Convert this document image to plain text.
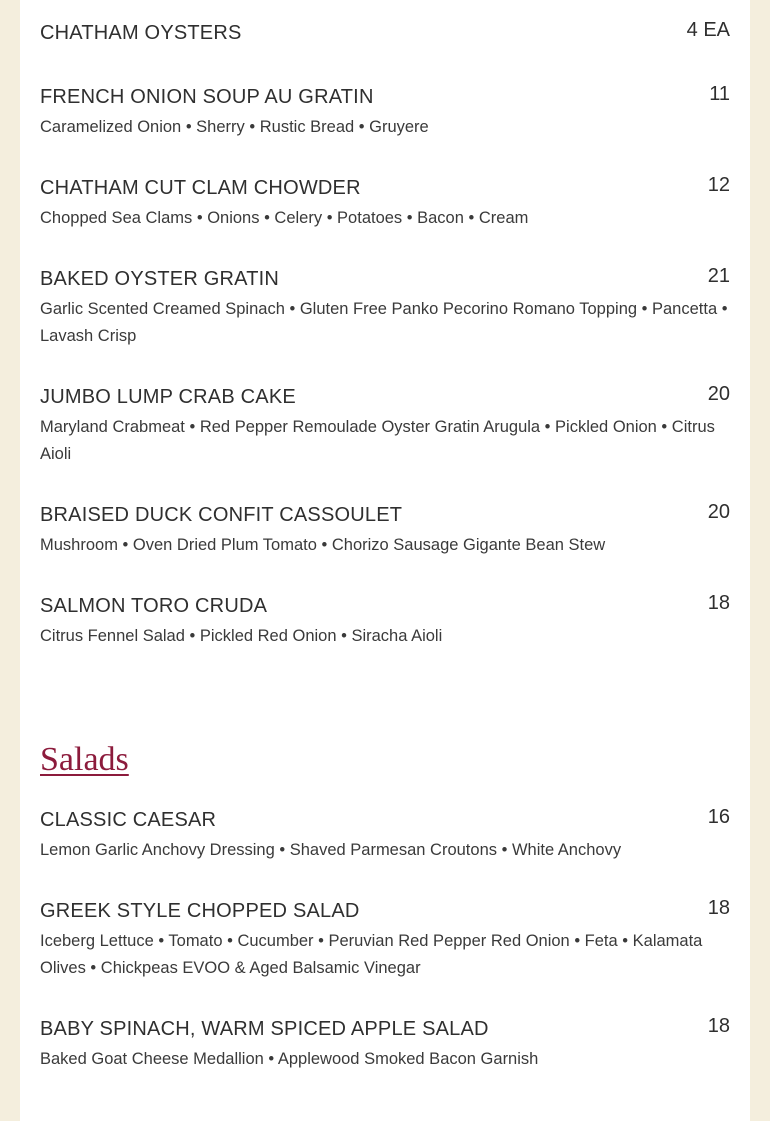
CHATHAM OYSTERS	4 EA
FRENCH ONION SOUP AU GRATIN	11
Caramelized Onion • Sherry • Rustic Bread • Gruyere
CHATHAM CUT CLAM CHOWDER	12
Chopped Sea Clams • Onions • Celery • Potatoes • Bacon • Cream
BAKED OYSTER GRATIN	21
Garlic Scented Creamed Spinach • Gluten Free Panko Pecorino Romano Topping • Pancetta • Lavash Crisp
JUMBO LUMP CRAB CAKE	20
Maryland Crabmeat • Red Pepper Remoulade Oyster Gratin Arugula • Pickled Onion • Citrus Aioli
BRAISED DUCK CONFIT CASSOULET	20
Mushroom • Oven Dried Plum Tomato • Chorizo Sausage Gigante Bean Stew
SALMON TORO CRUDA	18
Citrus Fennel Salad • Pickled Red Onion • Siracha Aioli
Salads
CLASSIC CAESAR	16
Lemon Garlic Anchovy Dressing • Shaved Parmesan Croutons • White Anchovy
GREEK STYLE CHOPPED SALAD	18
Iceberg Lettuce • Tomato • Cucumber • Peruvian Red Pepper Red Onion • Feta • Kalamata Olives • Chickpeas EVOO & Aged Balsamic Vinegar
BABY SPINACH, WARM SPICED APPLE SALAD	18
Baked Goat Cheese Medallion • Applewood Smoked Bacon Garnish
